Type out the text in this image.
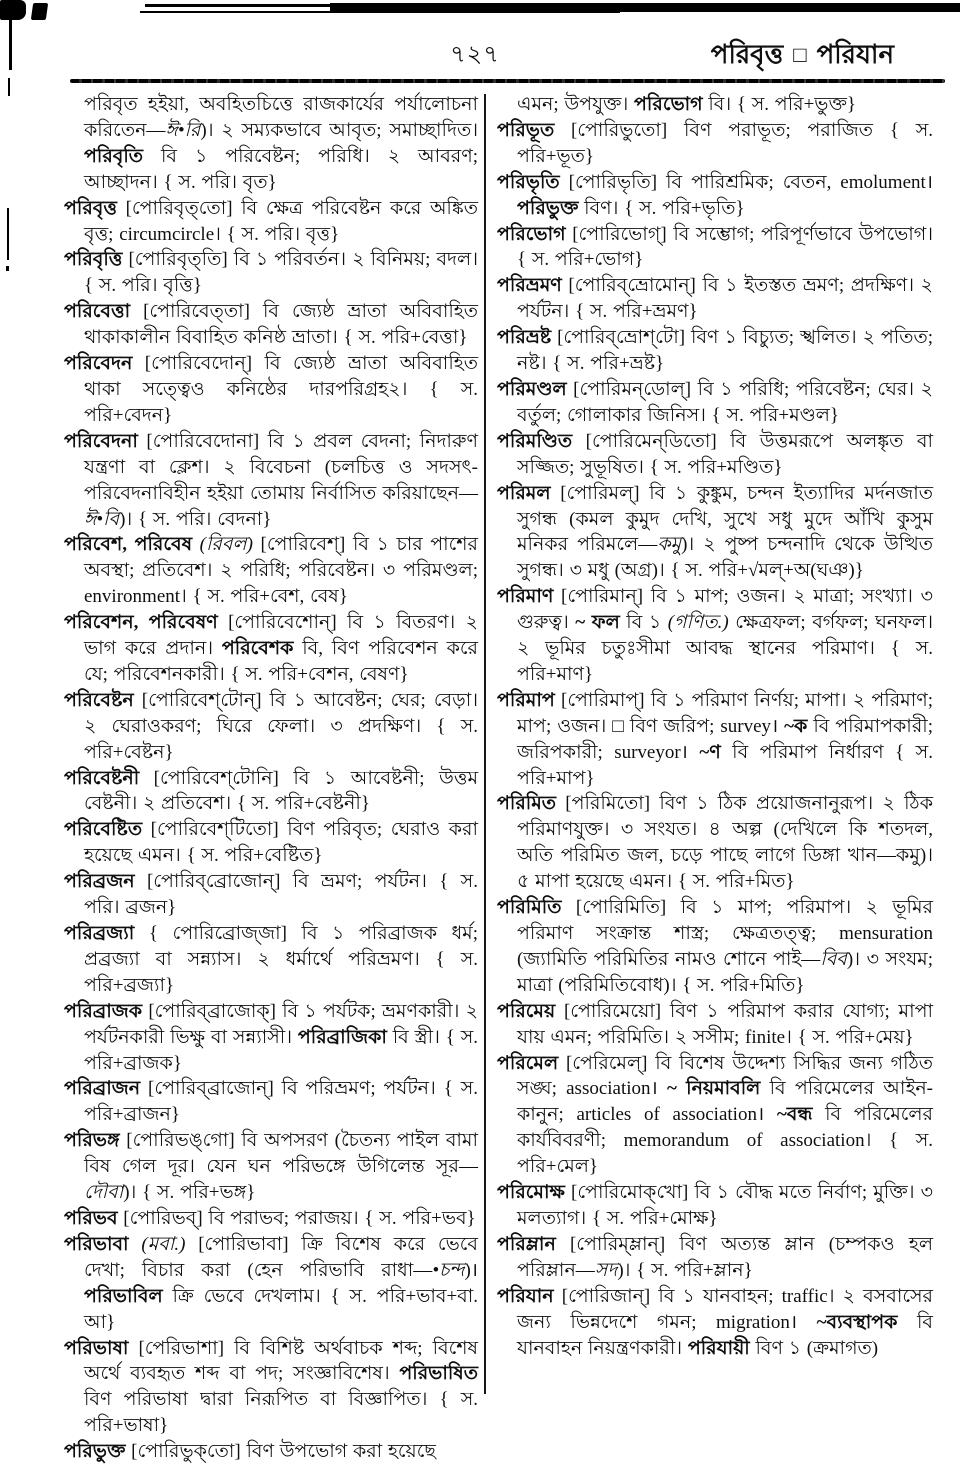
৭২৭	পরিবৃত্ত □ পরিযান

পরিবৃত হইয়া, অবহিতচিত্তে রাজকার্যের পর্যালোচনা করিতেন—ঈ•রি)। ২ সম্যকভাবে আবৃত; সমাচ্ছাদিত। পরিবৃতি বি ১ পরিবেষ্টন; পরিধি। ২ আবরণ; আচ্ছাদন। { স. পরি। বৃত}

পরিবৃত্ত [পোরিবৃত্‌তো] বি ক্ষেত্র পরিবেষ্টন করে অঙ্কিত বৃত্ত; circumcircle। { স. পরি। বৃত্ত}

পরিবৃত্তি [পোরিবৃত্‌তি] বি ১ পরিবর্তন। ২ বিনিময়; বদল। { স. পরি। বৃত্তি}

পরিবেত্তা [পোরিবেত্‌তা] বি জ্যেষ্ঠ ভ্রাতা অবিবাহিত থাকাকালীন বিবাহিত কনিষ্ঠ ভ্রাতা। { স. পরি+বেত্তা}

পরিবেদন [পোরিবেদোন্‌] বি জ্যেষ্ঠ ভ্রাতা অবিবাহিত থাকা সত্ত্বেও কনিষ্ঠের দারপরিগ্রহ২। { স. পরি+বেদন}

পরিবেদনা [পোরিবেদোনা] বি ১ প্রবল বেদনা; নিদারুণ যন্ত্রণা বা ক্লেশ। ২ বিবেচনা (চলচিত্ত ও সদসৎ-পরিবেদনাবিহীন হইয়া তোমায় নির্বাসিত করিয়াছেন—ঈ•বি)। { স. পরি। বেদনা}

পরিবেশ, পরিবেষ (রিবল) [পোরিবেশ্‌] বি ১ চার পাশের অবস্থা; প্রতিবেশ। ২ পরিধি; পরিবেষ্টন। ৩ পরিমণ্ডল; environment। { স. পরি+বেশ, বেষ}

পরিবেশন, পরিবেষণ [পোরিবেশোন্‌] বি ১ বিতরণ। ২ ভাগ করে প্রদান। পরিবেশক বি, বিণ পরিবেশন করে যে; পরিবেশনকারী। { স. পরি+বেশন, বেষণ}

পরিবেষ্টন [পোরিবেশ্‌টোন্‌] বি ১ আবেষ্টন; ঘের; বেড়া। ২ ঘেরাওকরণ; ঘিরে ফেলা। ৩ প্রদক্ষিণ। { স. পরি+বেষ্টন}

পরিবেষ্টনী [পোরিবেশ্‌টোনি] বি ১ আবেষ্টনী; উত্তম বেষ্টনী। ২ প্রতিবেশ। { স. পরি+বেষ্টনী}

পরিবেষ্টিত [পোরিবেশ্‌টিতো] বিণ পরিবৃত; ঘেরাও করা হয়েছে এমন। { স. পরি+বেষ্টিত}

পরিব্রজন [পোরিব্‌ব্রোজোন্‌] বি ভ্রমণ; পর্যটন। { স. পরি। ব্রজন}

পরিব্রজ্যা { পোরিব্রোজ্‌জা] বি ১ পরিব্রাজক ধর্ম; প্রব্রজ্যা বা সন্ন্যাস। ২ ধর্মার্থে পরিভ্রমণ। { স. পরি+ব্রজ্যা}

পরিব্রাজক [পোরিব্‌ব্রাজোক্‌] বি ১ পর্যটক; ভ্রমণকারী। ২ পর্যটনকারী ভিক্ষু বা সন্ন্যাসী। পরিব্রাজিকা বি স্ত্রী। { স. পরি+ব্রাজক}

পরিব্রাজন [পোরিব্‌ব্রাজোন্‌] বি পরিভ্রমণ; পর্যটন। { স. পরি+ব্রাজন}

পরিভঙ্গ [পোরিভঙ্‌গো] বি অপসরণ (চৈতন্য পাইল বামা বিষ গেল দূর। যেন ঘন পরিভঙ্গে উগিলেন্ত সূর—দৌবা)। { স. পরি+ভঙ্গ}

পরিভব [পোরিভব্‌] বি পরাভব; পরাজয়। { স. পরি+ভব}

পরিভাবা (মবা.) [পোরিভাবা] ক্রি বিশেষ করে ভেবে দেখা; বিচার করা (হেন পরিভাবি রাধা—•চন্দ)। পরিভাবিল ক্রি ভেবে দেখলাম। { স. পরি+ভাব+বা. আ}

পরিভাষা [পেরিভাশা] বি বিশিষ্ট অর্থবাচক শব্দ; বিশেষ অর্থে ব্যবহৃত শব্দ বা পদ; সংজ্ঞাবিশেষ। পরিভাষিত বিণ পরিভাষা দ্বারা নিরূপিত বা বিজ্ঞাপিত। { স. পরি+ভাষা}

পরিভুক্ত [পোরিভুক্‌তো] বিণ উপভোগ করা হয়েছে

এমন; উপযুক্ত। পরিভোগ বি। { স. পরি+ভুক্ত}

পরিভূত [পোরিভুতো] বিণ পরাভূত; পরাজিত { স. পরি+ভূত}

পরিভৃতি [পোরিভৃতি] বি পারিশ্রমিক; বেতন, emolument। পরিভুক্ত বিণ। { স. পরি+ভৃতি}

পরিভোগ [পোরিভোগ্‌] বি সম্ভোগ; পরিপূর্ণভাবে উপভোগ। { স. পরি+ভোগ}

পরিভ্রমণ [পোরিব্‌ভ্রোমোন্‌] বি ১ ইতস্তত ভ্রমণ; প্রদক্ষিণ। ২ পর্যটন। { স. পরি+ভ্রমণ}

পরিভ্রষ্ট [পোরিব্‌ভ্রোশ্‌টো] বিণ ১ বিচ্যুত; স্খলিত। ২ পতিত; নষ্ট। { স. পরি+ভ্রষ্ট}

পরিমণ্ডল [পোরিমন্‌ডোল্‌] বি ১ পরিধি; পরিবেষ্টন; ঘের। ২ বর্তুল; গোলাকার জিনিস। { স. পরি+মণ্ডল}

পরিমণ্ডিত [পোরিমেন্‌ডিতো] বি উত্তমরূপে অলঙ্কৃত বা সজ্জিত; সুভূষিত। { স. পরি+মণ্ডিত}

পরিমল [পোরিমল্‌] বি ১ কুঙ্কুম, চন্দন ইত্যাদির মর্দনজাত সুগন্ধ (কমল কুমুদ দেখি, সুখে সধু মুদে আঁখি কুসুম মনিকর পরিমলে—কমু)। ২ পুষ্প চন্দনাদি থেকে উত্থিত সুগন্ধ। ৩ মধু (অগ্র)। { স. পরি+√মল্‌+অ(ঘঞ)}

পরিমাণ [পোরিমান্‌] বি ১ মাপ; ওজন। ২ মাত্রা; সংখ্যা। ৩ গুরুত্ব। ~ ফল বি ১ (গণিত.) ক্ষেত্রফল; বর্গফল; ঘনফল। ২ ভূমির চতুঃসীমা আবদ্ধ স্থানের পরিমাণ। { স. পরি+মাণ}

পরিমাপ [পোরিমাপ্‌] বি ১ পরিমাণ নির্ণয়; মাপা। ২ পরিমাণ; মাপ; ওজন। □ বিণ জরিপ; survey। ~ক বি পরিমাপকারী; জরিপকারী; surveyor। ~ণ বি পরিমাপ নির্ধারণ { স. পরি+মাপ}

পরিমিত [পরিমিতো] বিণ ১ ঠিক প্রয়োজনানুরূপ। ২ ঠিক পরিমাণযুক্ত। ৩ সংযত। ৪ অল্প (দেখিলে কি শতদল, অতি পরিমিত জল, চড়ে পাছে লাগে ডিঙ্গা খান—কমু)। ৫ মাপা হয়েছে এমন। { স. পরি+মিত}

পরিমিতি [পোরিমিতি] বি ১ মাপ; পরিমাপ। ২ ভূমির পরিমাণ সংক্রান্ত শাস্ত্র; ক্ষেত্রতত্ত্ব; mensuration (জ্যামিতি পরিমিতির নামও শোনে পাই—বিব)। ৩ সংযম; মাত্রা (পরিমিতিবোধ)। { স. পরি+মিতি}

পরিমেয় [পোরিমেয়ো] বিণ ১ পরিমাপ করার যোগ্য; মাপা যায় এমন; পরিমিতি। ২ সসীম; finite। { স. পরি+মেয়}

পরিমেল [পেরিমেল্‌] বি বিশেষ উদ্দেশ্য সিদ্ধির জন্য গঠিত সঙ্ঘ; association। ~ নিয়মাবলি বি পরিমেলের আইন-কানুন; articles of association। ~বন্ধ বি পরিমেলের কার্যবিবরণী; memorandum of association। { স. পরি+মেল}

পরিমোক্ষ [পোরিমোক্‌খো] বি ১ বৌদ্ধ মতে নির্বাণ; মুক্তি। ৩ মলত্যাগ। { স. পরি+মোক্ষ}

পরিম্লান [পোরিম্‌ম্লান্‌] বিণ অত্যন্ত ম্লান (চম্পকও হল পরিম্লান—সদ)। { স. পরি+ম্লান}

পরিযান [পোরিজান্‌] বি ১ যানবাহন; traffic। ২ বসবাসের জন্য ভিন্নদেশে গমন; migration। ~ব্যবস্থাপক বি যানবাহন নিয়ন্ত্রণকারী। পরিযায়ী বিণ ১ (ক্রমাগত)
